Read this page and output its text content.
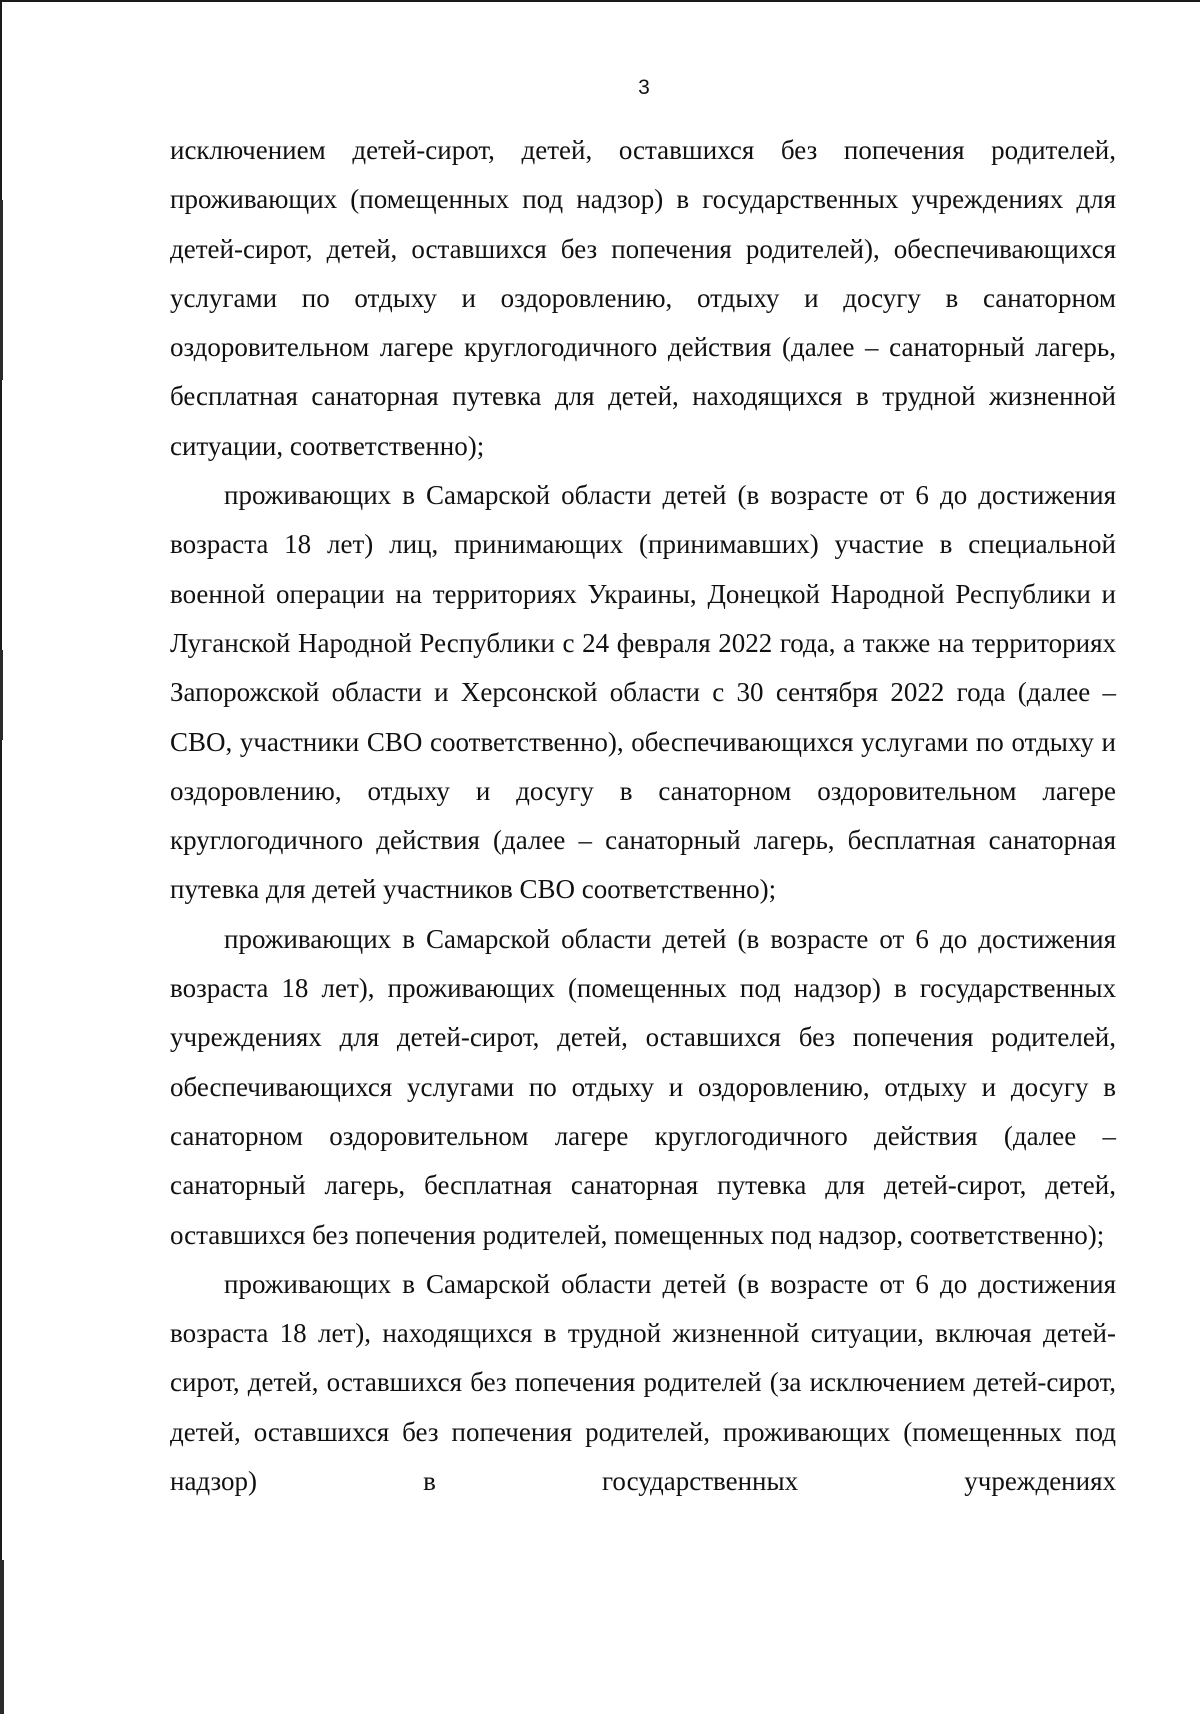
3

исключением детей-сирот, детей, оставшихся без попечения родителей, проживающих (помещенных под надзор) в государственных учреждениях для детей-сирот, детей, оставшихся без попечения родителей), обеспечивающихся услугами по отдыху и оздоровлению, отдыху и досугу в санаторном оздоровительном лагере круглогодичного действия (далее – санаторный лагерь, бесплатная санаторная путевка для детей, находящихся в трудной жизненной ситуации, соответственно);

проживающих в Самарской области детей (в возрасте от 6 до достижения возраста 18 лет) лиц, принимающих (принимавших) участие в специальной военной операции на территориях Украины, Донецкой Народной Республики и Луганской Народной Республики с 24 февраля 2022 года, а также на территориях Запорожской области и Херсонской области с 30 сентября 2022 года (далее – СВО, участники СВО соответственно), обеспечивающихся услугами по отдыху и оздоровлению, отдыху и досугу в санаторном оздоровительном лагере круглогодичного действия (далее – санаторный лагерь, бесплатная санаторная путевка для детей участников СВО соответственно);

проживающих в Самарской области детей (в возрасте от 6 до достижения возраста 18 лет), проживающих (помещенных под надзор) в государственных учреждениях для детей-сирот, детей, оставшихся без попечения родителей, обеспечивающихся услугами по отдыху и оздоровлению, отдыху и досугу в санаторном оздоровительном лагере круглогодичного действия (далее – санаторный лагерь, бесплатная санаторная путевка для детей-сирот, детей, оставшихся без попечения родителей, помещенных под надзор, соответственно);

проживающих в Самарской области детей (в возрасте от 6 до достижения возраста 18 лет), находящихся в трудной жизненной ситуации, включая детей-сирот, детей, оставшихся без попечения родителей (за исключением детей-сирот, детей, оставшихся без попечения родителей, проживающих (помещенных под надзор) в государственных учреждениях
